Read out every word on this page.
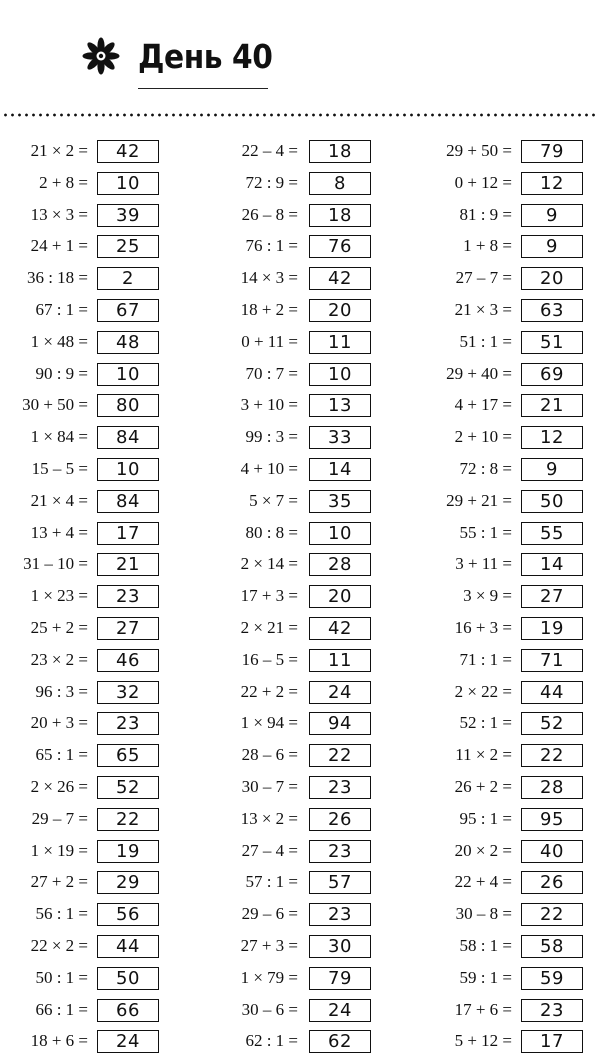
День 40
21 × 2 =	42
2 + 8 =	10
13 × 3 =	39
24 + 1 =	25
36 : 18 =	2
67 : 1 =	67
1 × 48 =	48
90 : 9 =	10
30 + 50 =	80
1 × 84 =	84
15 – 5 =	10
21 × 4 =	84
13 + 4 =	17
31 – 10 =	21
1 × 23 =	23
25 + 2 =	27
23 × 2 =	46
96 : 3 =	32
20 + 3 =	23
65 : 1 =	65
2 × 26 =	52
29 – 7 =	22
1 × 19 =	19
27 + 2 =	29
56 : 1 =	56
22 × 2 =	44
50 : 1 =	50
66 : 1 =	66
18 + 6 =	24
22 – 4 =	18
72 : 9 =	8
26 – 8 =	18
76 : 1 =	76
14 × 3 =	42
18 + 2 =	20
0 + 11 =	11
70 : 7 =	10
3 + 10 =	13
99 : 3 =	33
4 + 10 =	14
5 × 7 =	35
80 : 8 =	10
2 × 14 =	28
17 + 3 =	20
2 × 21 =	42
16 – 5 =	11
22 + 2 =	24
1 × 94 =	94
28 – 6 =	22
30 – 7 =	23
13 × 2 =	26
27 – 4 =	23
57 : 1 =	57
29 – 6 =	23
27 + 3 =	30
1 × 79 =	79
30 – 6 =	24
62 : 1 =	62
29 + 50 =	79
0 + 12 =	12
81 : 9 =	9
1 + 8 =	9
27 – 7 =	20
21 × 3 =	63
51 : 1 =	51
29 + 40 =	69
4 + 17 =	21
2 + 10 =	12
72 : 8 =	9
29 + 21 =	50
55 : 1 =	55
3 + 11 =	14
3 × 9 =	27
16 + 3 =	19
71 : 1 =	71
2 × 22 =	44
52 : 1 =	52
11 × 2 =	22
26 + 2 =	28
95 : 1 =	95
20 × 2 =	40
22 + 4 =	26
30 – 8 =	22
58 : 1 =	58
59 : 1 =	59
17 + 6 =	23
5 + 12 =	17
